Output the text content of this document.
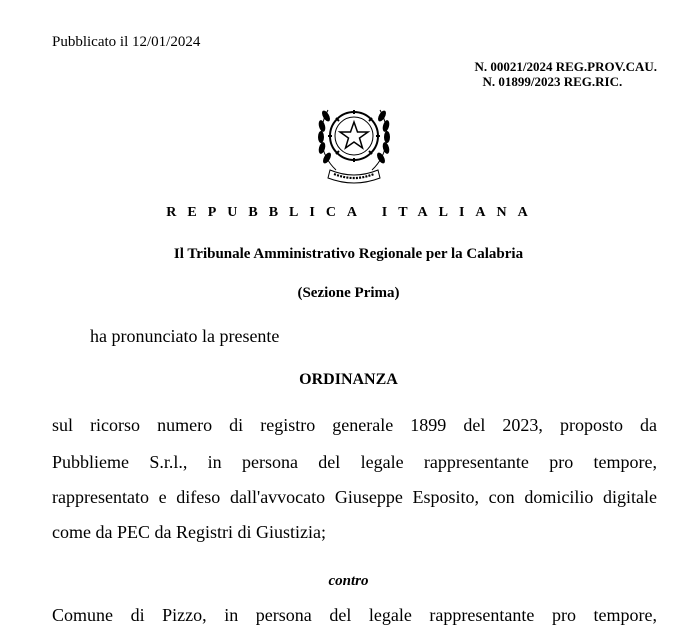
Pubblicato il 12/01/2024
N. 00021/2024 REG.PROV.CAU.
N. 01899/2023 REG.RIC.
REPUBBLICA ITALIANA
Il Tribunale Amministrativo Regionale per la Calabria
(Sezione Prima)
ha pronunciato la presente
ORDINANZA
sul ricorso numero di registro generale 1899 del 2023, proposto da
Pubblieme S.r.l., in persona del legale rappresentante pro tempore,
rappresentato e difeso dall'avvocato Giuseppe Esposito, con domicilio digitale
come da PEC da Registri di Giustizia;
contro
Comune di Pizzo, in persona del legale rappresentante pro tempore,
